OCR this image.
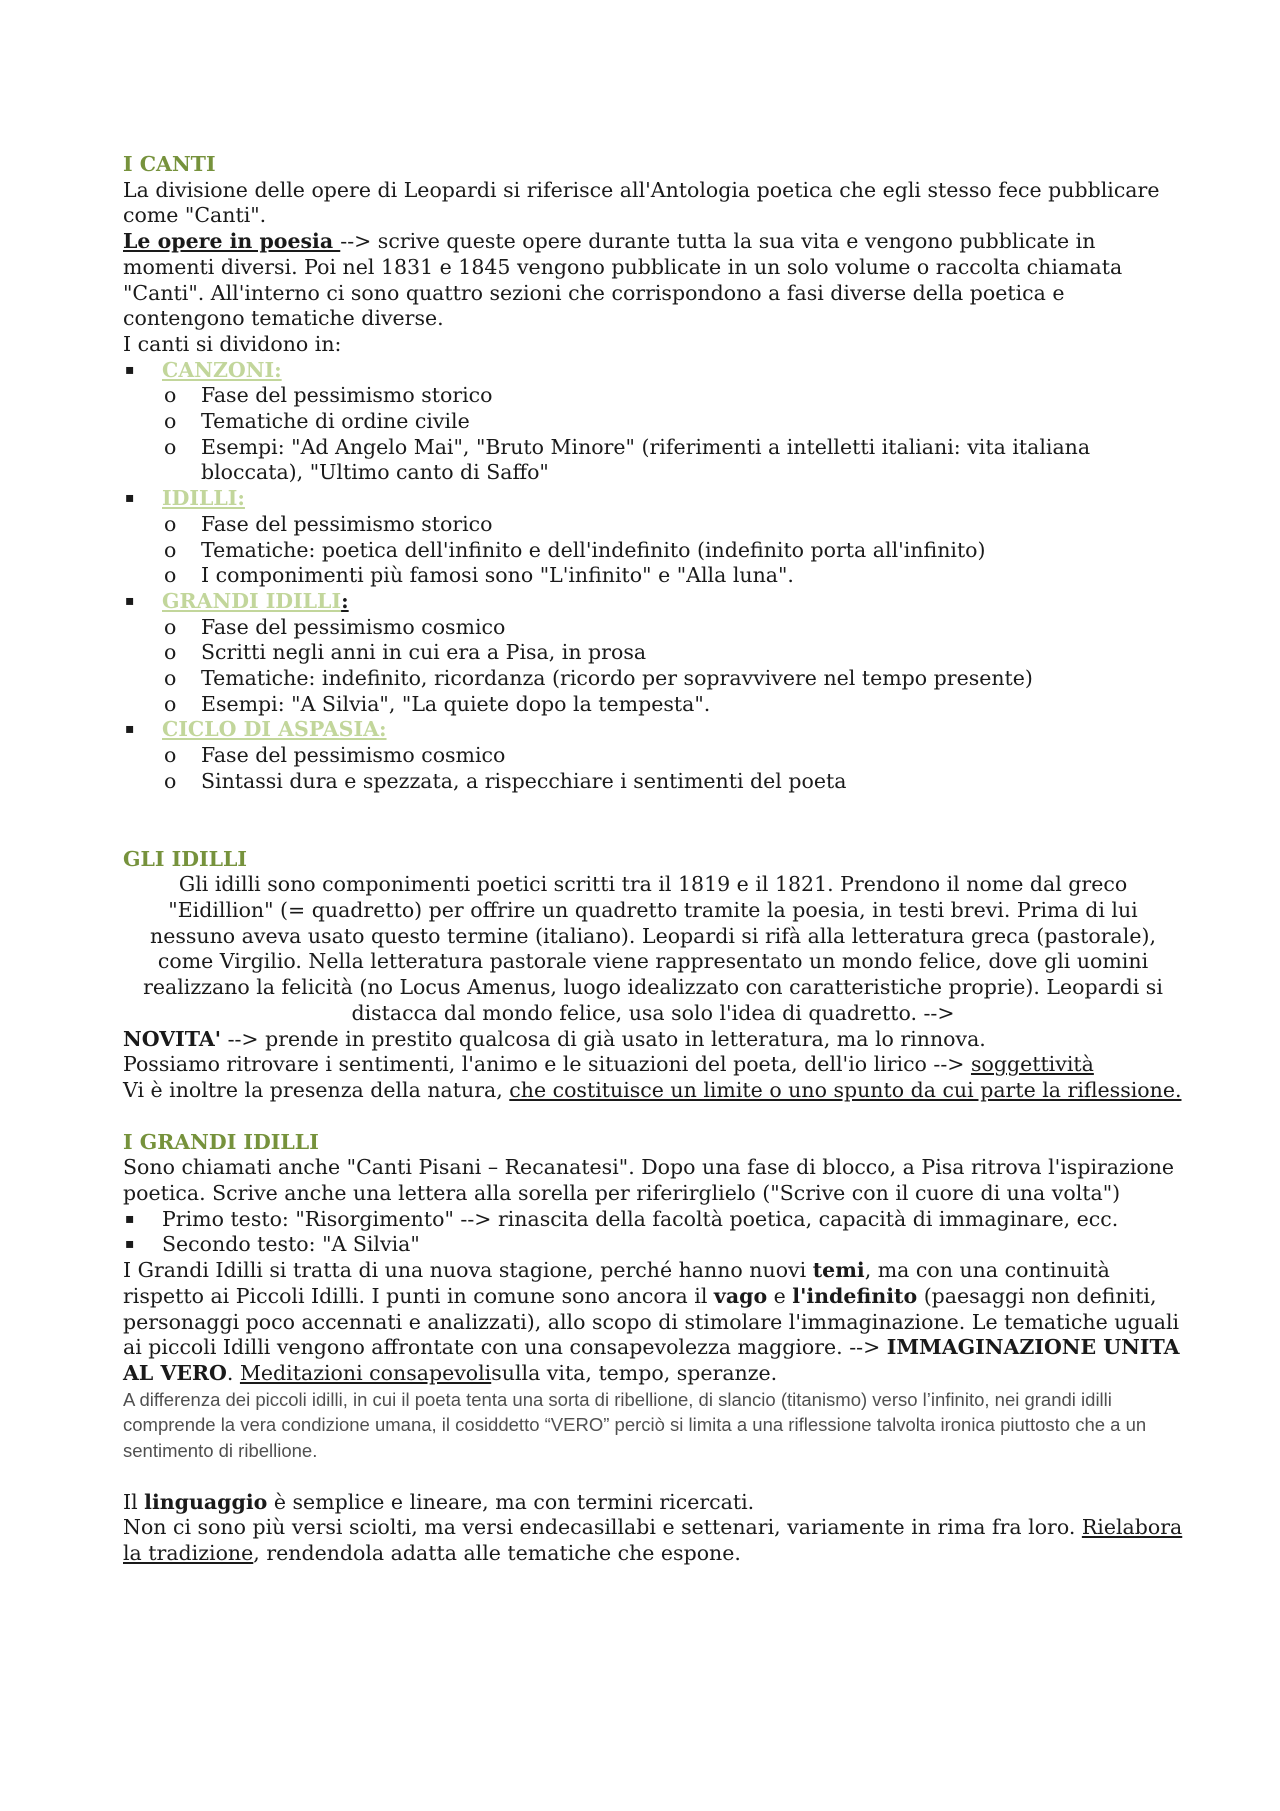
I CANTI

La divisione delle opere di Leopardi si riferisce all'Antologia poetica che egli stesso fece pubblicare come "Canti".

Le opere in poesia --> scrive queste opere durante tutta la sua vita e vengono pubblicate in momenti diversi. Poi nel 1831 e 1845 vengono pubblicate in un solo volume o raccolta chiamata "Canti". All'interno ci sono quattro sezioni che corrispondono a fasi diverse della poetica e contengono tematiche diverse.

I canti si dividono in:

▪ CANZONI:
o Fase del pessimismo storico
o Tematiche di ordine civile
o Esempi: "Ad Angelo Mai", "Bruto Minore" (riferimenti a intelletti italiani: vita italiana bloccata), "Ultimo canto di Saffo"
▪ IDILLI:
o Fase del pessimismo storico
o Tematiche: poetica dell'infinito e dell'indefinito (indefinito porta all'infinito)
o I componimenti più famosi sono "L'infinito" e "Alla luna".
▪ GRANDI IDILLI:
o Fase del pessimismo cosmico
o Scritti negli anni in cui era a Pisa, in prosa
o Tematiche: indefinito, ricordanza (ricordo per sopravvivere nel tempo presente)
o Esempi: "A Silvia", "La quiete dopo la tempesta".
▪ CICLO DI ASPASIA:
o Fase del pessimismo cosmico
o Sintassi dura e spezzata, a rispecchiare i sentimenti del poeta

GLI IDILLI

Gli idilli sono componimenti poetici scritti tra il 1819 e il 1821. Prendono il nome dal greco "Eidillion" (= quadretto) per offrire un quadretto tramite la poesia, in testi brevi. Prima di lui nessuno aveva usato questo termine (italiano). Leopardi si rifà alla letteratura greca (pastorale), come Virgilio. Nella letteratura pastorale viene rappresentato un mondo felice, dove gli uomini realizzano la felicità (no Locus Amenus, luogo idealizzato con caratteristiche proprie). Leopardi si distacca dal mondo felice, usa solo l'idea di quadretto. -->

NOVITA' --> prende in prestito qualcosa di già usato in letteratura, ma lo rinnova.

Possiamo ritrovare i sentimenti, l'animo e le situazioni del poeta, dell'io lirico --> soggettività

Vi è inoltre la presenza della natura, che costituisce un limite o uno spunto da cui parte la riflessione.

I GRANDI IDILLI

Sono chiamati anche "Canti Pisani – Recanatesi". Dopo una fase di blocco, a Pisa ritrova l'ispirazione poetica. Scrive anche una lettera alla sorella per riferirglielo ("Scrive con il cuore di una volta")

▪ Primo testo: "Risorgimento" --> rinascita della facoltà poetica, capacità di immaginare, ecc.
▪ Secondo testo: "A Silvia"

I Grandi Idilli si tratta di una nuova stagione, perché hanno nuovi temi, ma con una continuità rispetto ai Piccoli Idilli. I punti in comune sono ancora il vago e l'indefinito (paesaggi non definiti, personaggi poco accennati e analizzati), allo scopo di stimolare l'immaginazione. Le tematiche uguali ai piccoli Idilli vengono affrontate con una consapevolezza maggiore. --> IMMAGINAZIONE UNITA AL VERO. Meditazioni consapevolisulla vita, tempo, speranze.

A differenza dei piccoli idilli, in cui il poeta tenta una sorta di ribellione, di slancio (titanismo) verso l’infinito, nei grandi idilli comprende la vera condizione umana, il cosiddetto “VERO” perciò si limita a una riflessione talvolta ironica piuttosto che a un sentimento di ribellione.

Il linguaggio è semplice e lineare, ma con termini ricercati.

Non ci sono più versi sciolti, ma versi endecasillabi e settenari, variamente in rima fra loro. Rielabora la tradizione, rendendola adatta alle tematiche che espone.
